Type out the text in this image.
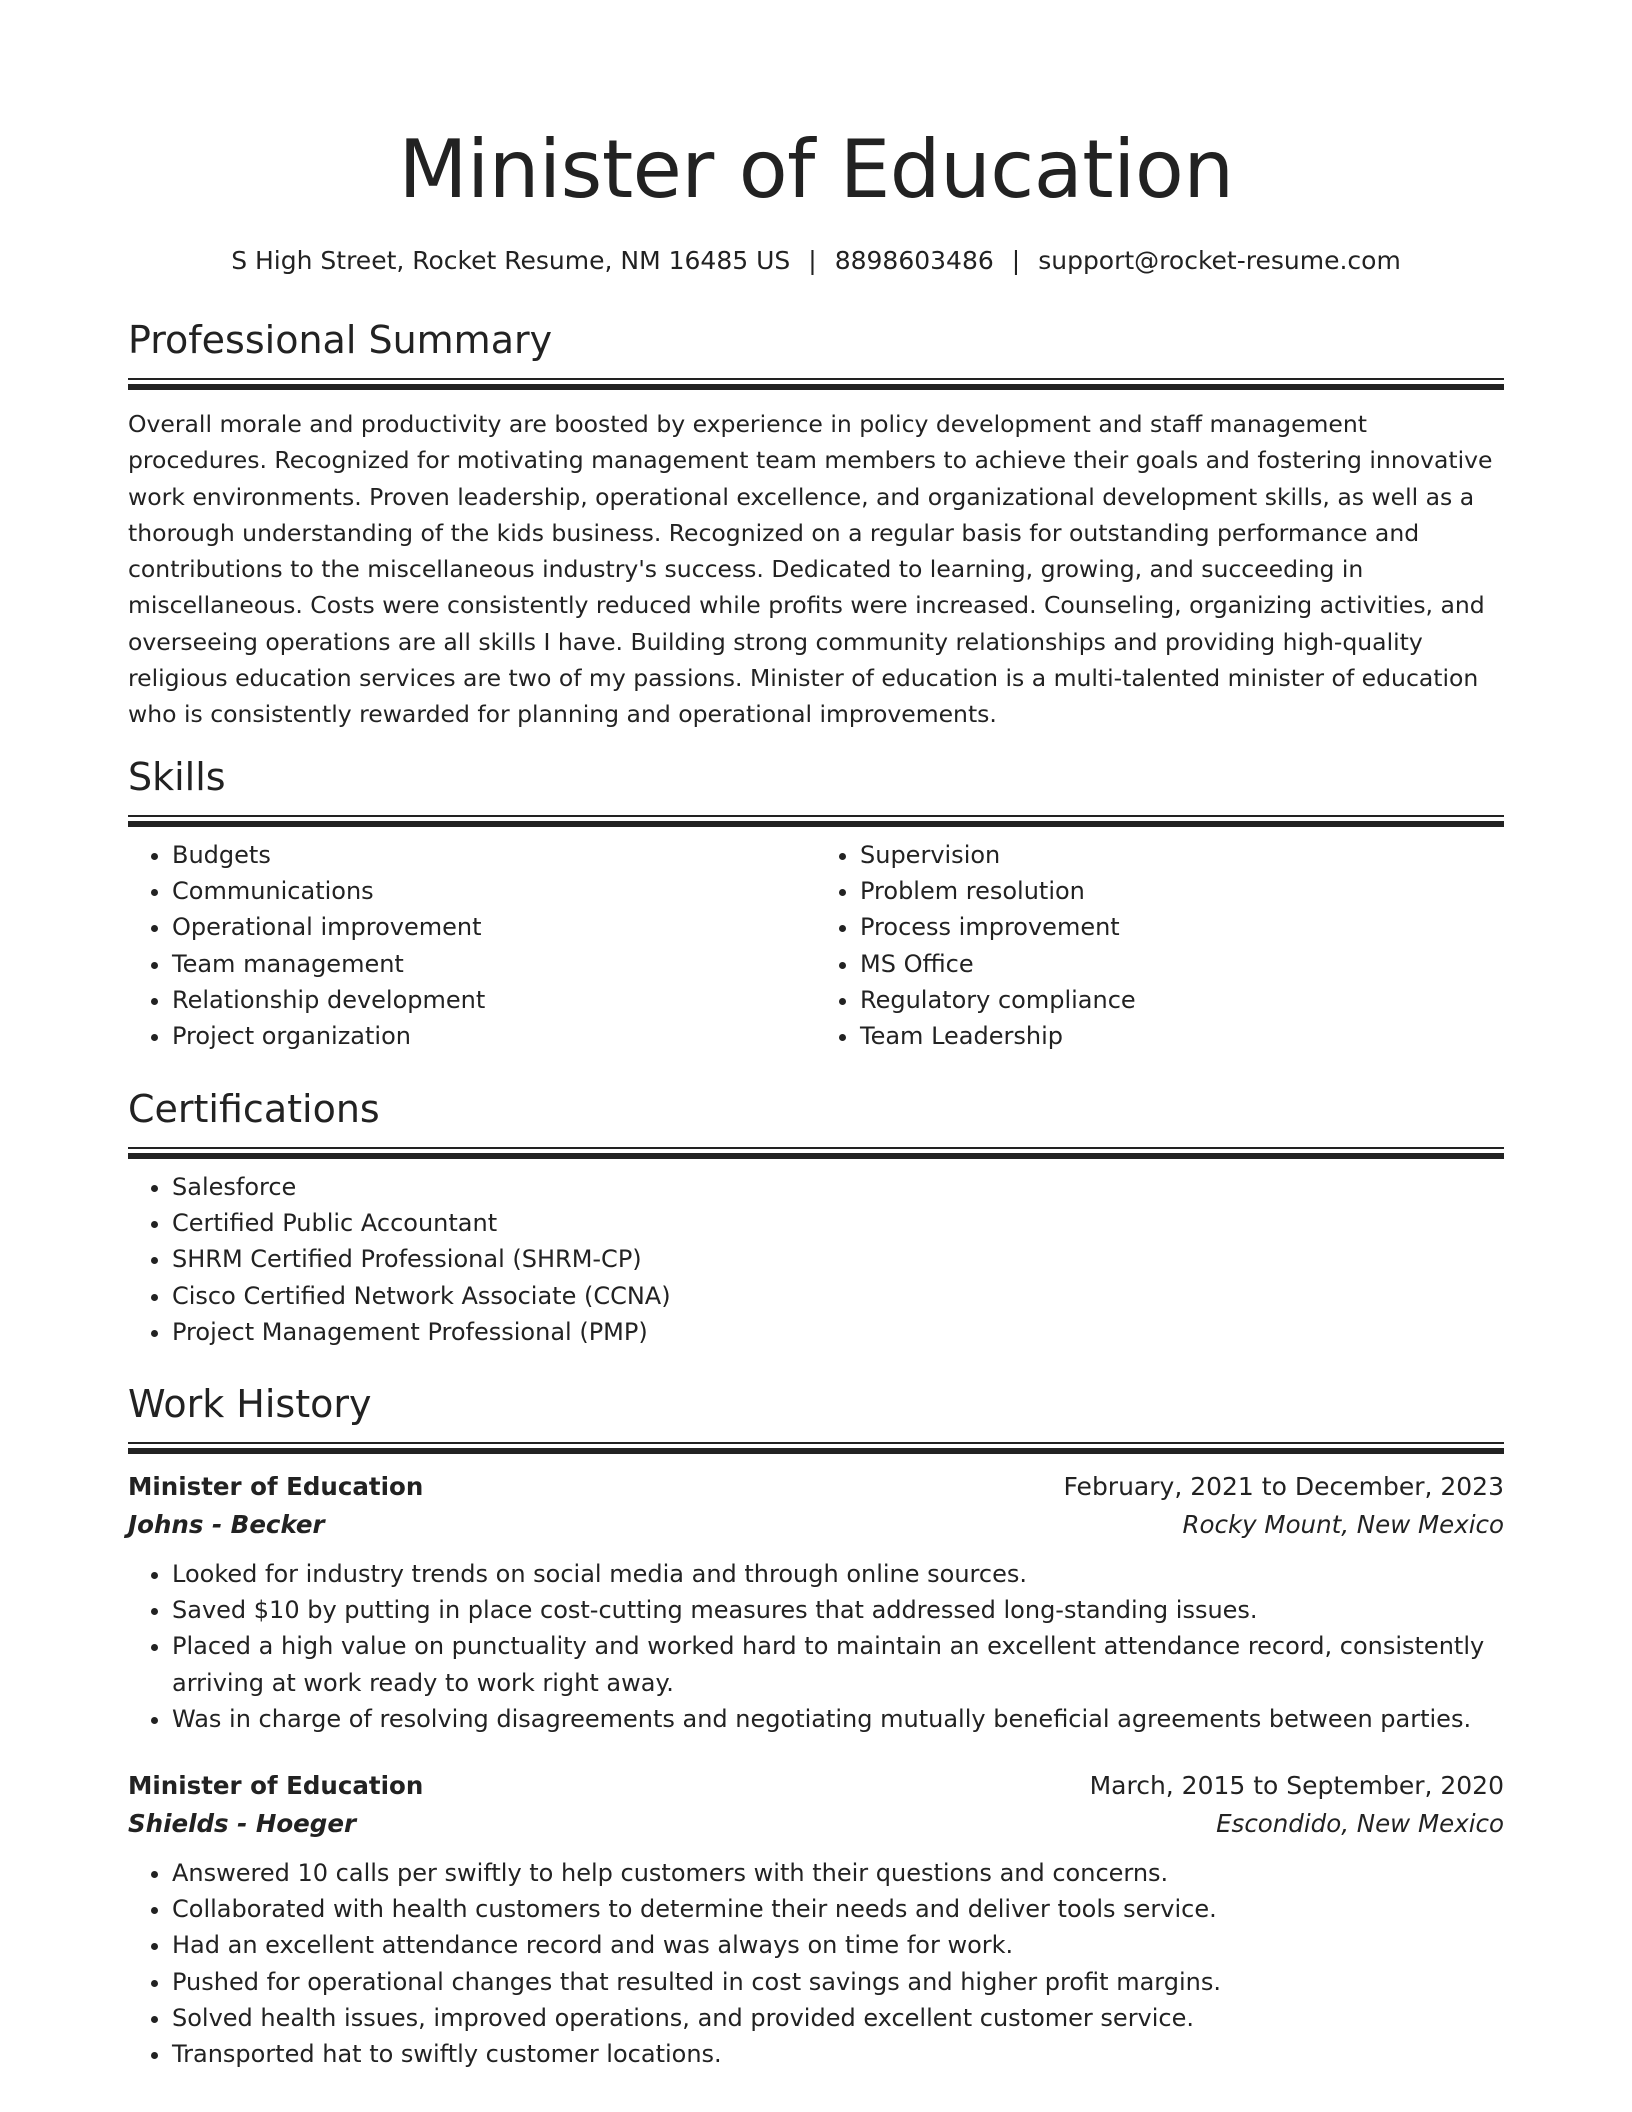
Minister of Education
S High Street, Rocket Resume, NM 16485 US | 8898603486 | support@rocket-resume.com
Professional Summary
Overall morale and productivity are boosted by experience in policy development and staff management procedures. Recognized for motivating management team members to achieve their goals and fostering innovative work environments. Proven leadership, operational excellence, and organizational development skills, as well as a thorough understanding of the kids business. Recognized on a regular basis for outstanding performance and contributions to the miscellaneous industry's success. Dedicated to learning, growing, and succeeding in miscellaneous. Costs were consistently reduced while profits were increased. Counseling, organizing activities, and overseeing operations are all skills I have. Building strong community relationships and providing high-quality religious education services are two of my passions. Minister of education is a multi-talented minister of education who is consistently rewarded for planning and operational improvements.
Skills
• Budgets
• Communications
• Operational improvement
• Team management
• Relationship development
• Project organization
• Supervision
• Problem resolution
• Process improvement
• MS Office
• Regulatory compliance
• Team Leadership
Certifications
• Salesforce
• Certified Public Accountant
• SHRM Certified Professional (SHRM-CP)
• Cisco Certified Network Associate (CCNA)
• Project Management Professional (PMP)
Work History
Minister of Education	February, 2021 to December, 2023
Johns - Becker	Rocky Mount, New Mexico
• Looked for industry trends on social media and through online sources.
• Saved $10 by putting in place cost-cutting measures that addressed long-standing issues.
• Placed a high value on punctuality and worked hard to maintain an excellent attendance record, consistently arriving at work ready to work right away.
• Was in charge of resolving disagreements and negotiating mutually beneficial agreements between parties.
Minister of Education	March, 2015 to September, 2020
Shields - Hoeger	Escondido, New Mexico
• Answered 10 calls per swiftly to help customers with their questions and concerns.
• Collaborated with health customers to determine their needs and deliver tools service.
• Had an excellent attendance record and was always on time for work.
• Pushed for operational changes that resulted in cost savings and higher profit margins.
• Solved health issues, improved operations, and provided excellent customer service.
• Transported hat to swiftly customer locations.
